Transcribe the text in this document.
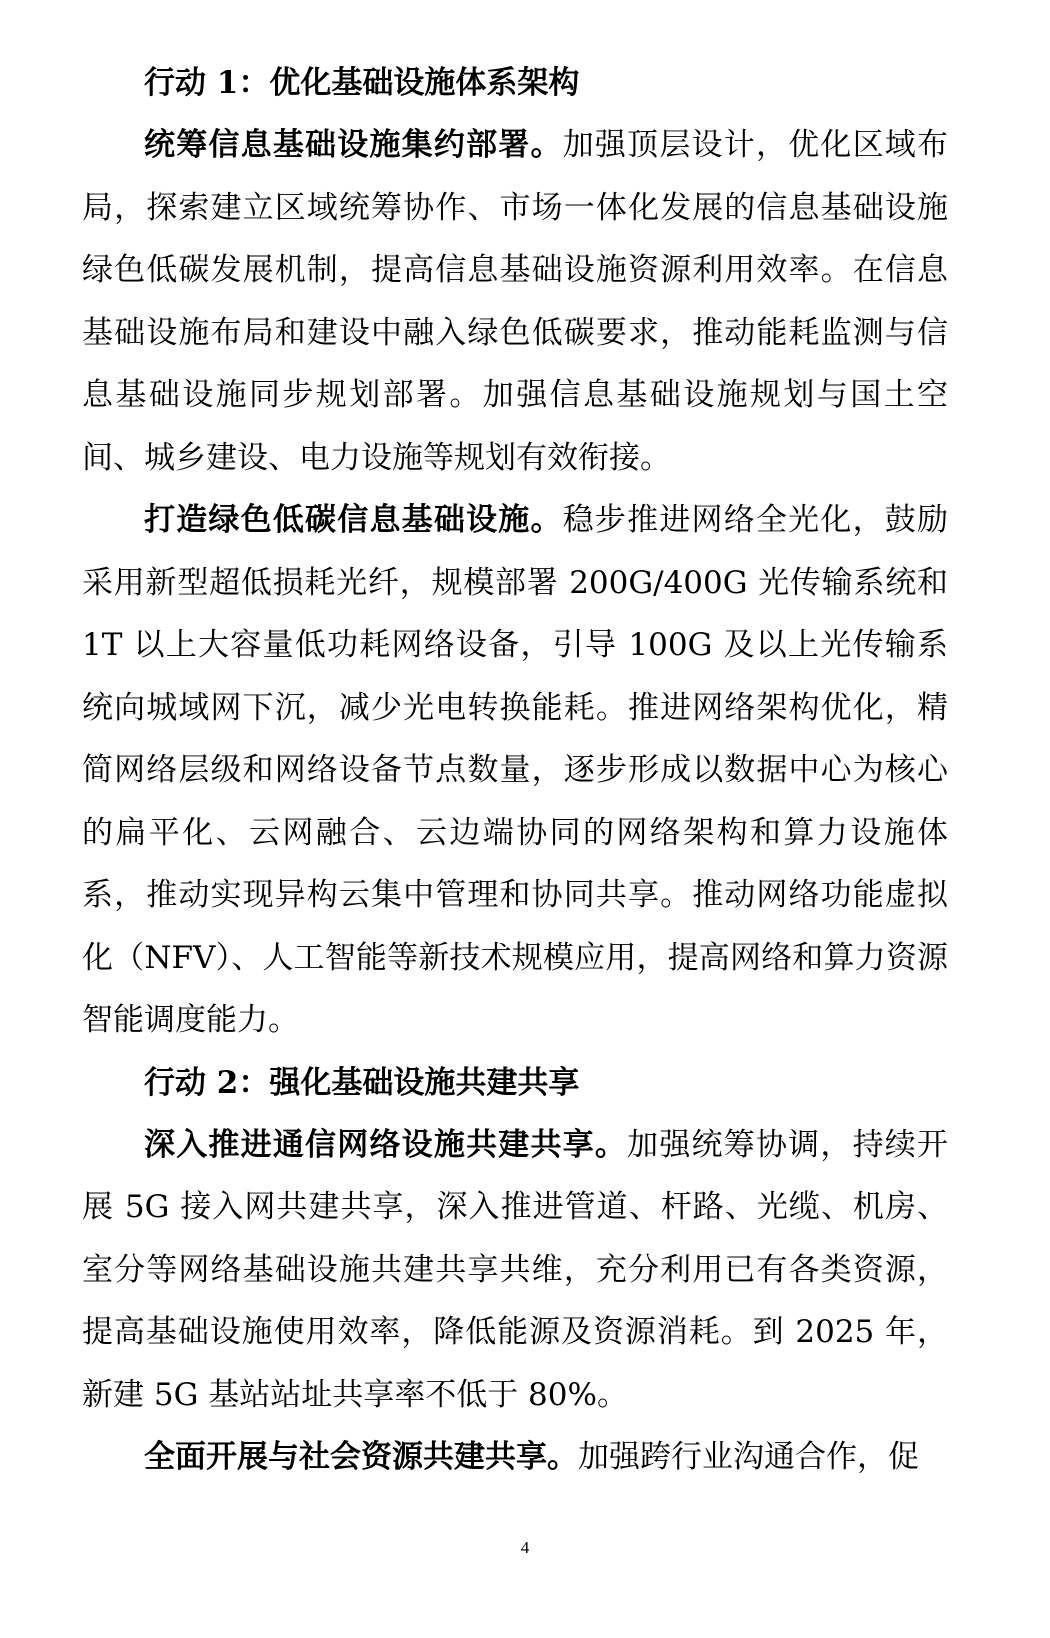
行动 1：优化基础设施体系架构

统筹信息基础设施集约部署。加强顶层设计，优化区域布局，探索建立区域统筹协作、市场一体化发展的信息基础设施绿色低碳发展机制，提高信息基础设施资源利用效率。在信息基础设施布局和建设中融入绿色低碳要求，推动能耗监测与信息基础设施同步规划部署。加强信息基础设施规划与国土空间、城乡建设、电力设施等规划有效衔接。

打造绿色低碳信息基础设施。稳步推进网络全光化，鼓励采用新型超低损耗光纤，规模部署 200G/400G 光传输系统和 1T 以上大容量低功耗网络设备，引导 100G 及以上光传输系统向城域网下沉，减少光电转换能耗。推进网络架构优化，精简网络层级和网络设备节点数量，逐步形成以数据中心为核心的扁平化、云网融合、云边端协同的网络架构和算力设施体系，推动实现异构云集中管理和协同共享。推动网络功能虚拟化（NFV）、人工智能等新技术规模应用，提高网络和算力资源智能调度能力。

行动 2：强化基础设施共建共享

深入推进通信网络设施共建共享。加强统筹协调，持续开展 5G 接入网共建共享，深入推进管道、杆路、光缆、机房、室分等网络基础设施共建共享共维，充分利用已有各类资源，提高基础设施使用效率，降低能源及资源消耗。到 2025 年，新建 5G 基站站址共享率不低于 80%。

全面开展与社会资源共建共享。加强跨行业沟通合作，促

4
